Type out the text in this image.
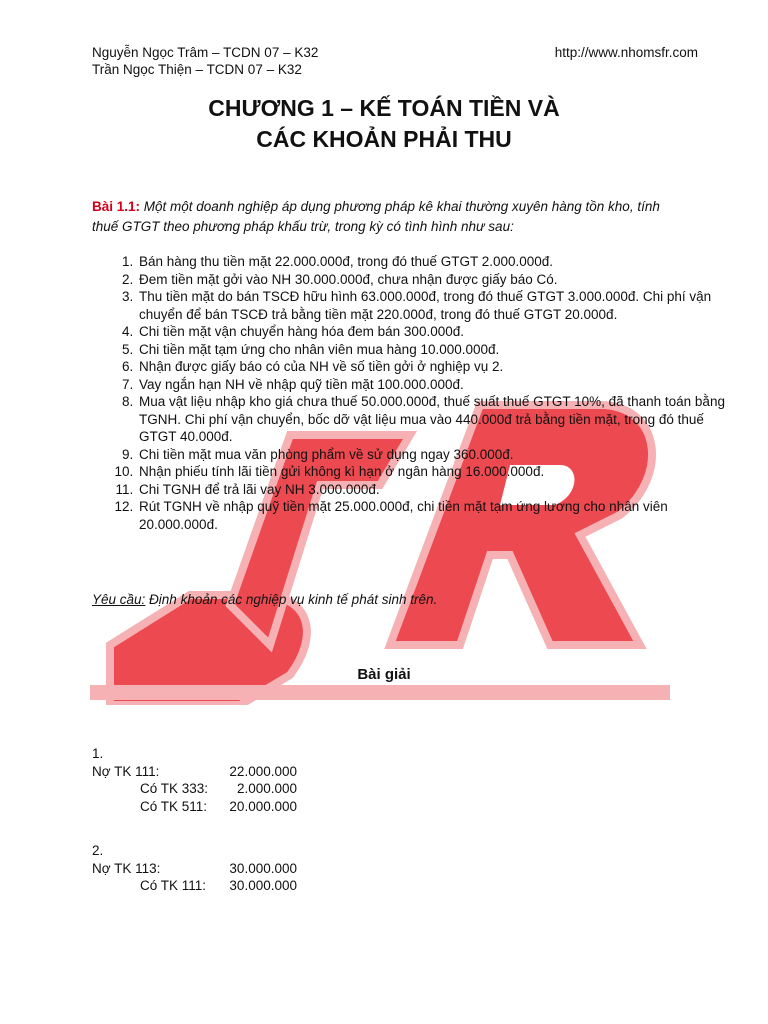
Nguyễn Ngọc Trâm – TCDN 07 – K32
Trần Ngọc Thiện – TCDN 07 – K32
http://www.nhomsfr.com
CHƯƠNG 1 – KẾ TOÁN TIỀN VÀ
CÁC KHOẢN PHẢI THU
Bài 1.1: Một một doanh nghiệp áp dụng phương pháp kê khai thường xuyên hàng tồn kho, tính thuế GTGT theo phương pháp khấu trừ, trong kỳ có tình hình như sau:
1. Bán hàng thu tiền mặt 22.000.000đ, trong đó thuế GTGT 2.000.000đ.
2. Đem tiền mặt gởi vào NH 30.000.000đ, chưa nhận được giấy báo Có.
3. Thu tiền mặt do bán TSCĐ hữu hình 63.000.000đ, trong đó thuế GTGT 3.000.000đ. Chi phí vận chuyển để bán TSCĐ trả bằng tiền mặt 220.000đ, trong đó thuế GTGT 20.000đ.
4. Chi tiền mặt vận chuyển hàng hóa đem bán 300.000đ.
5. Chi tiền mặt tạm ứng cho nhân viên mua hàng 10.000.000đ.
6. Nhận được giấy báo có của NH về số tiền gởi ở nghiệp vụ 2.
7. Vay ngắn hạn NH về nhập quỹ tiền mặt 100.000.000đ.
8. Mua vật liệu nhập kho giá chưa thuế 50.000.000đ, thuế suất thuế GTGT 10%, đã thanh toán bằng TGNH. Chi phí vận chuyển, bốc dỡ vật liệu mua vào 440.000đ trả bằng tiền mặt, trong đó thuế GTGT 40.000đ.
9. Chi tiền mặt mua văn phòng phẩm về sử dụng ngay 360.000đ.
10. Nhận phiếu tính lãi tiền gửi không kì hạn ở ngân hàng 16.000.000đ.
11. Chi TGNH để trả lãi vay NH 3.000.000đ.
12. Rút TGNH về nhập quỹ tiền mặt 25.000.000đ, chi tiền mặt tạm ứng lương cho nhân viên 20.000.000đ.
Yêu cầu: Định khoản các nghiệp vụ kinh tế phát sinh trên.
Bài giải
1.
Nợ TK 111:	22.000.000
Có TK 333:	2.000.000
Có TK 511:	20.000.000
2.
Nợ TK 113:	30.000.000
Có TK 111:	30.000.000
